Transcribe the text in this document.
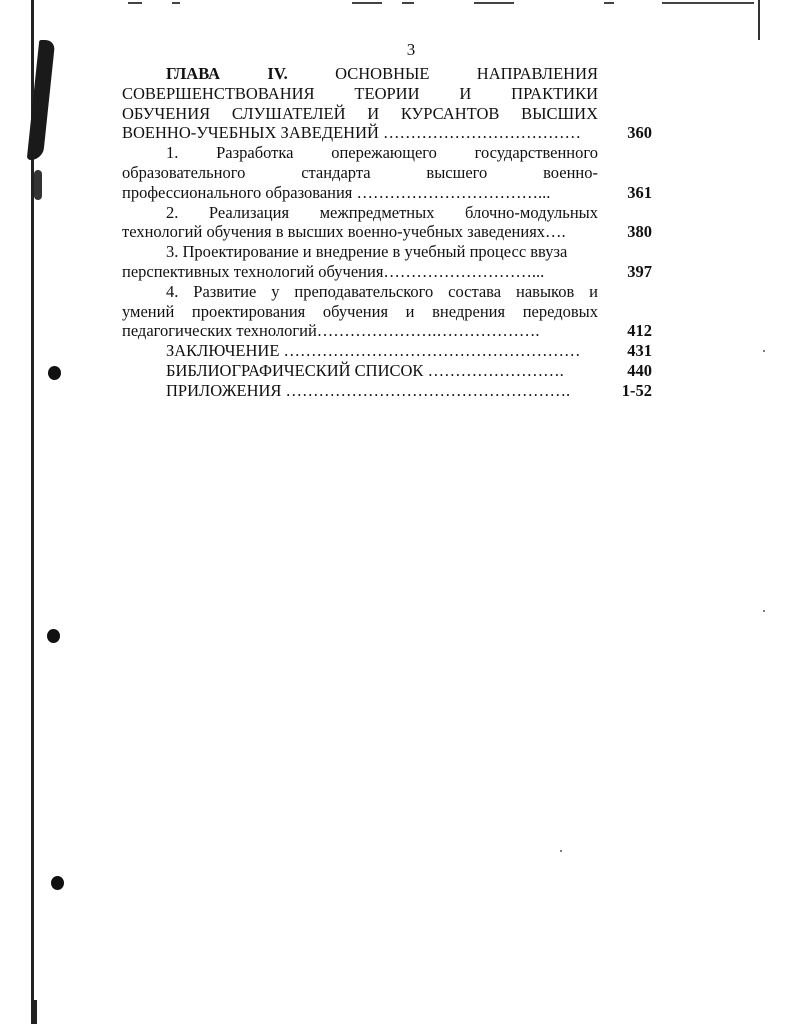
3
ГЛАВА IV. ОСНОВНЫЕ НАПРАВЛЕНИЯ
СОВЕРШЕНСТВОВАНИЯ ТЕОРИИ И ПРАКТИКИ
ОБУЧЕНИЯ СЛУШАТЕЛЕЙ И КУРСАНТОВ ВЫСШИХ
ВОЕННО-УЧЕБНЫХ ЗАВЕДЕНИЙ ………………………………	360
1. Разработка опережающего государственного
образовательного стандарта высшего военно-
профессионального образования ……………………………...	361
2. Реализация межпредметных блочно-модульных
технологий обучения в высших военно-учебных заведениях….	380
3. Проектирование и внедрение в учебный процесс ввуза
перспективных технологий обучения………………………...	397
4. Развитие у преподавательского состава навыков и
умений проектирования обучения и внедрения передовых
педагогических технологий………………….……………….	412
ЗАКЛЮЧЕНИЕ ………………………………………………	431
БИБЛИОГРАФИЧЕСКИЙ СПИСОК …………………….	440
ПРИЛОЖЕНИЯ …………………………………………….	1-52
